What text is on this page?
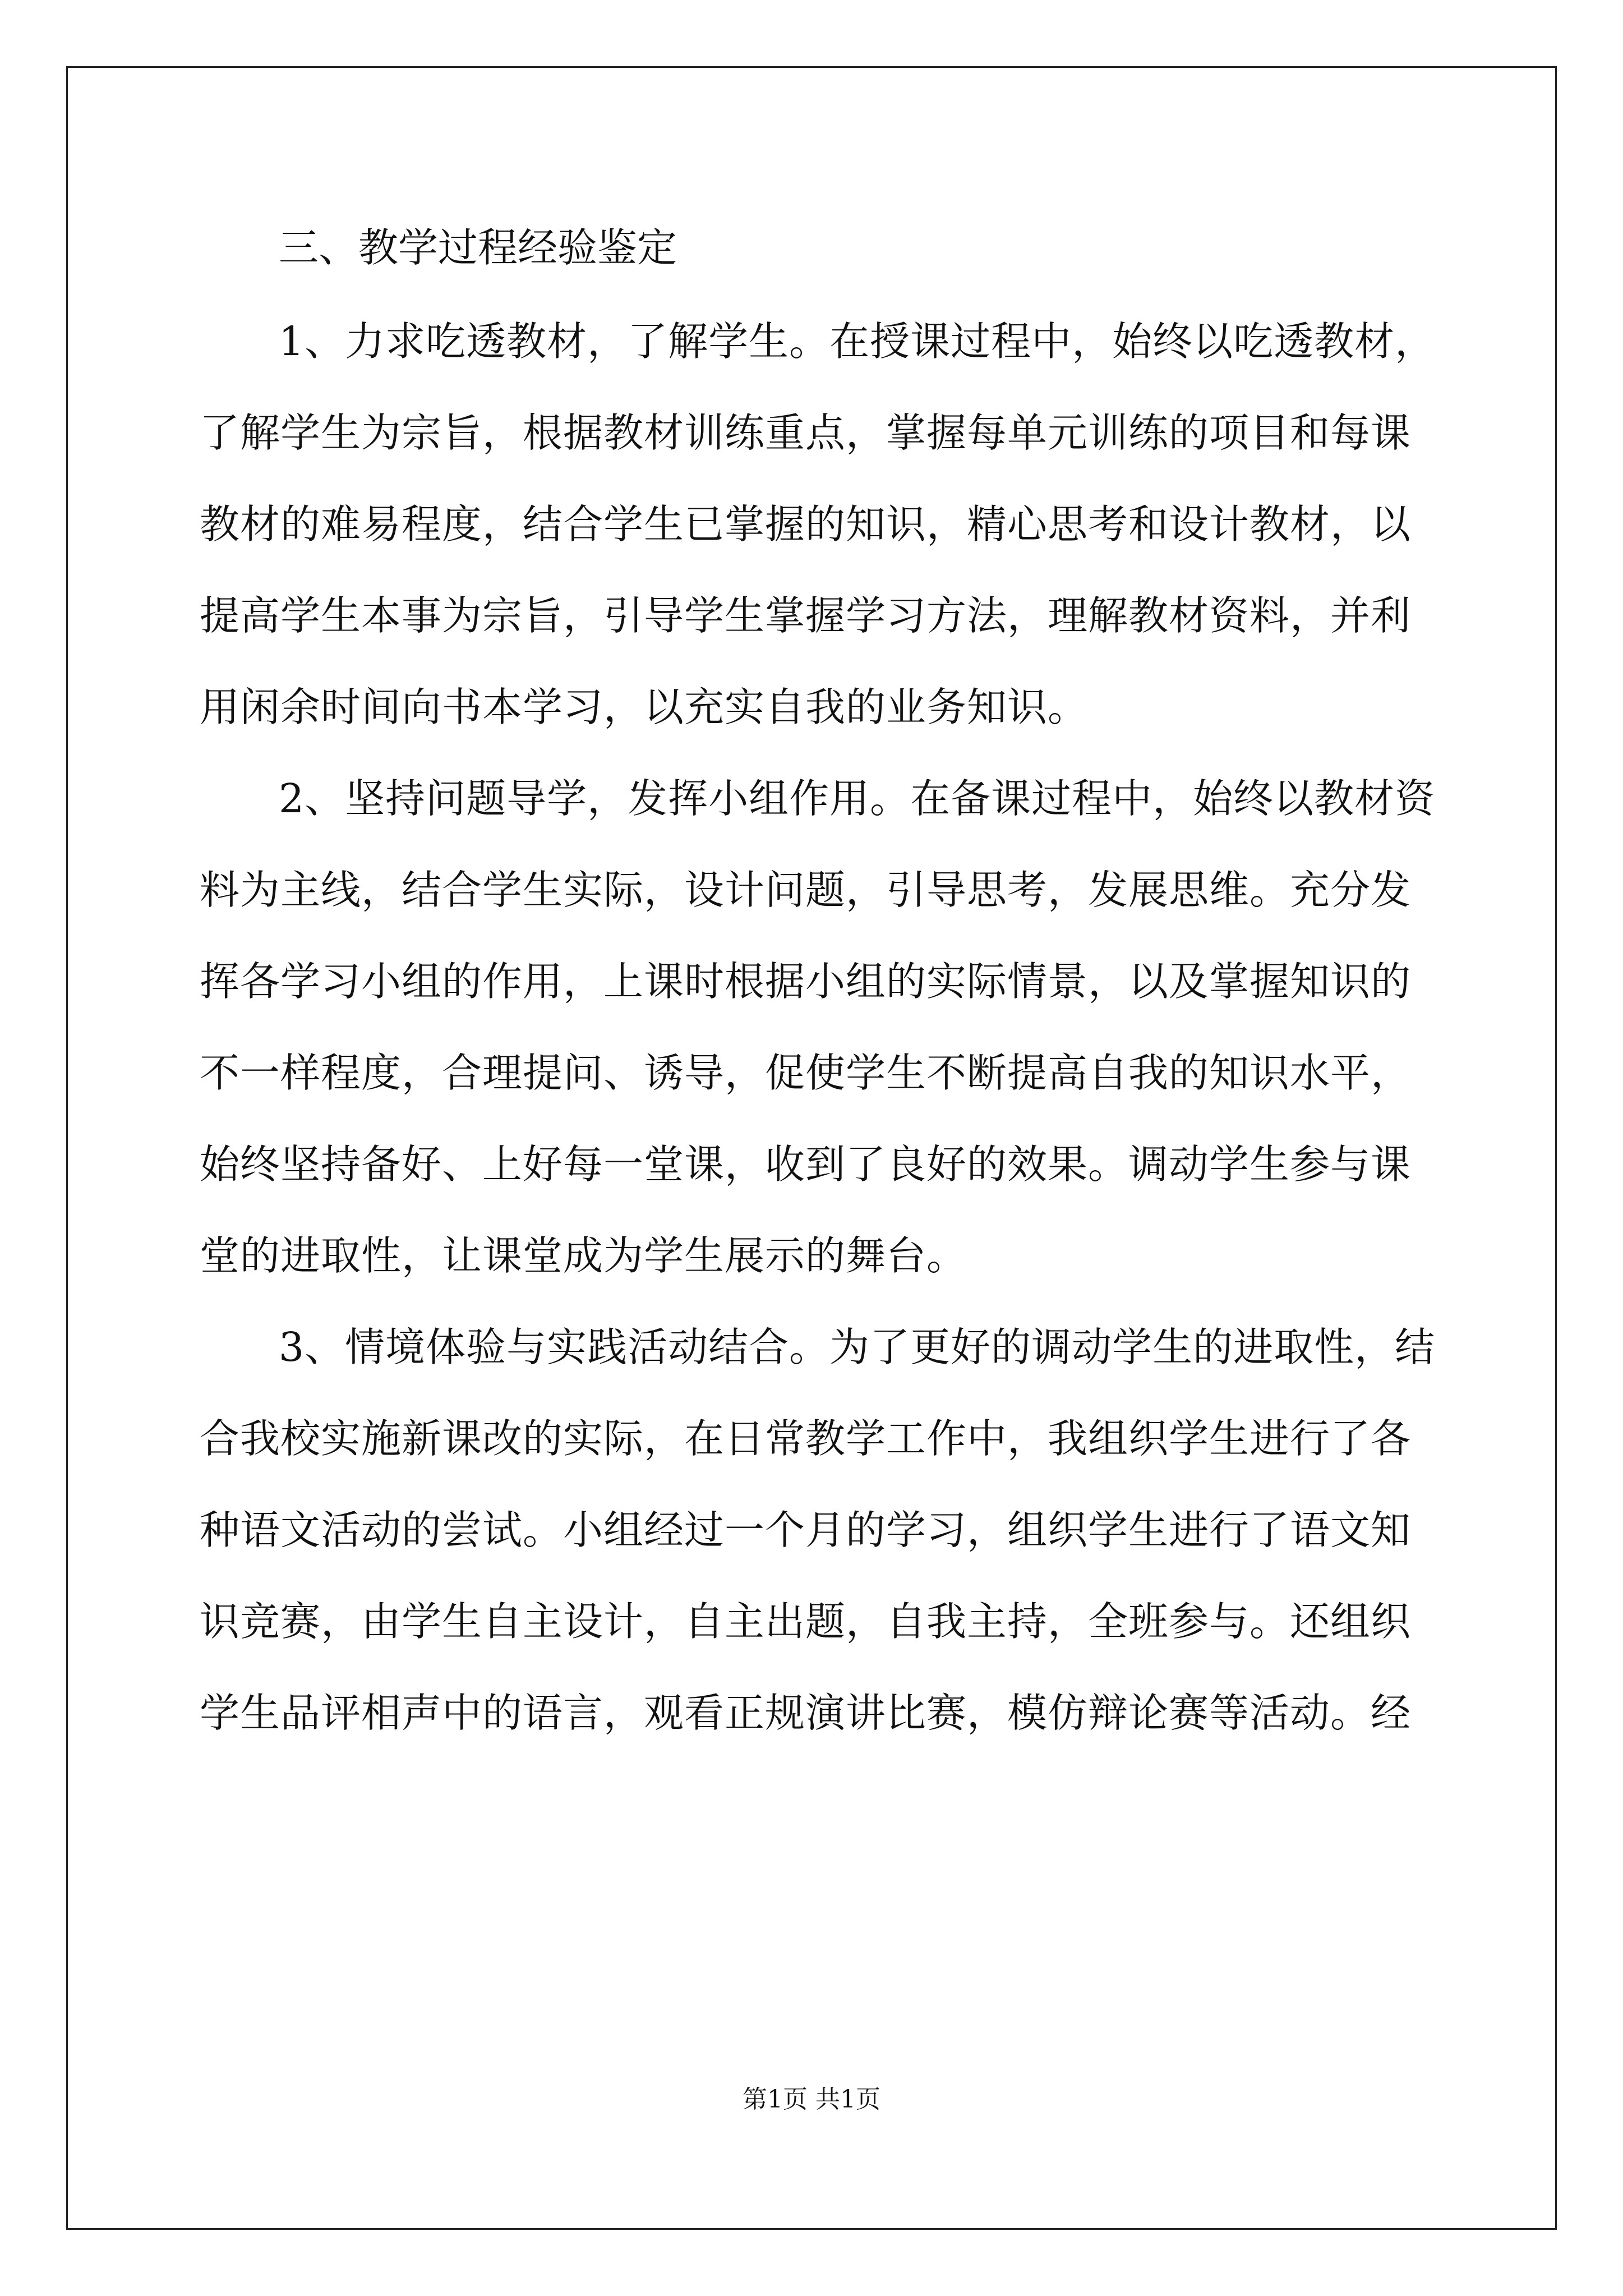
三、教学过程经验鉴定
1、力求吃透教材，了解学生。在授课过程中，始终以吃透教材，
了解学生为宗旨，根据教材训练重点，掌握每单元训练的项目和每课
教材的难易程度，结合学生已掌握的知识，精心思考和设计教材，以
提高学生本事为宗旨，引导学生掌握学习方法，理解教材资料，并利
用闲余时间向书本学习，以充实自我的业务知识。
2、坚持问题导学，发挥小组作用。在备课过程中，始终以教材资
料为主线，结合学生实际，设计问题，引导思考，发展思维。充分发
挥各学习小组的作用，上课时根据小组的实际情景，以及掌握知识的
不一样程度，合理提问、诱导，促使学生不断提高自我的知识水平，
始终坚持备好、上好每一堂课，收到了良好的效果。调动学生参与课
堂的进取性，让课堂成为学生展示的舞台。
3、情境体验与实践活动结合。为了更好的调动学生的进取性，结
合我校实施新课改的实际，在日常教学工作中，我组织学生进行了各
种语文活动的尝试。小组经过一个月的学习，组织学生进行了语文知
识竞赛，由学生自主设计，自主出题，自我主持，全班参与。还组织
学生品评相声中的语言，观看正规演讲比赛，模仿辩论赛等活动。经
第1页 共1页
